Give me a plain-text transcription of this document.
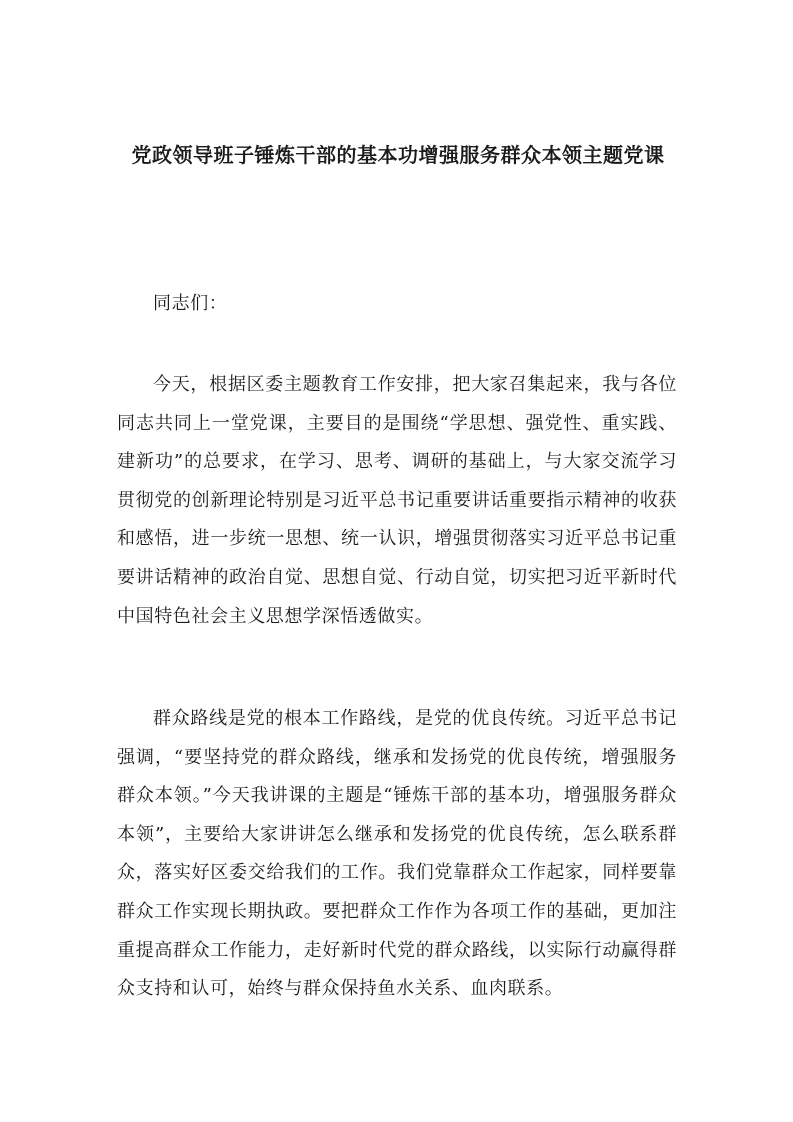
党政领导班子锤炼干部的基本功增强服务群众本领主题党课

同志们：

今天，根据区委主题教育工作安排，把大家召集起来，我与各位同志共同上一堂党课，主要目的是围绕“学思想、强党性、重实践、建新功”的总要求，在学习、思考、调研的基础上，与大家交流学习贯彻党的创新理论特别是习近平总书记重要讲话重要指示精神的收获和感悟，进一步统一思想、统一认识，增强贯彻落实习近平总书记重要讲话精神的政治自觉、思想自觉、行动自觉，切实把习近平新时代中国特色社会主义思想学深悟透做实。

群众路线是党的根本工作路线，是党的优良传统。习近平总书记强调，“要坚持党的群众路线，继承和发扬党的优良传统，增强服务群众本领。”今天我讲课的主题是“锤炼干部的基本功，增强服务群众本领”，主要给大家讲讲怎么继承和发扬党的优良传统，怎么联系群众，落实好区委交给我们的工作。我们党靠群众工作起家，同样要靠群众工作实现长期执政。要把群众工作作为各项工作的基础，更加注重提高群众工作能力，走好新时代党的群众路线，以实际行动赢得群众支持和认可，始终与群众保持鱼水关系、血肉联系。
